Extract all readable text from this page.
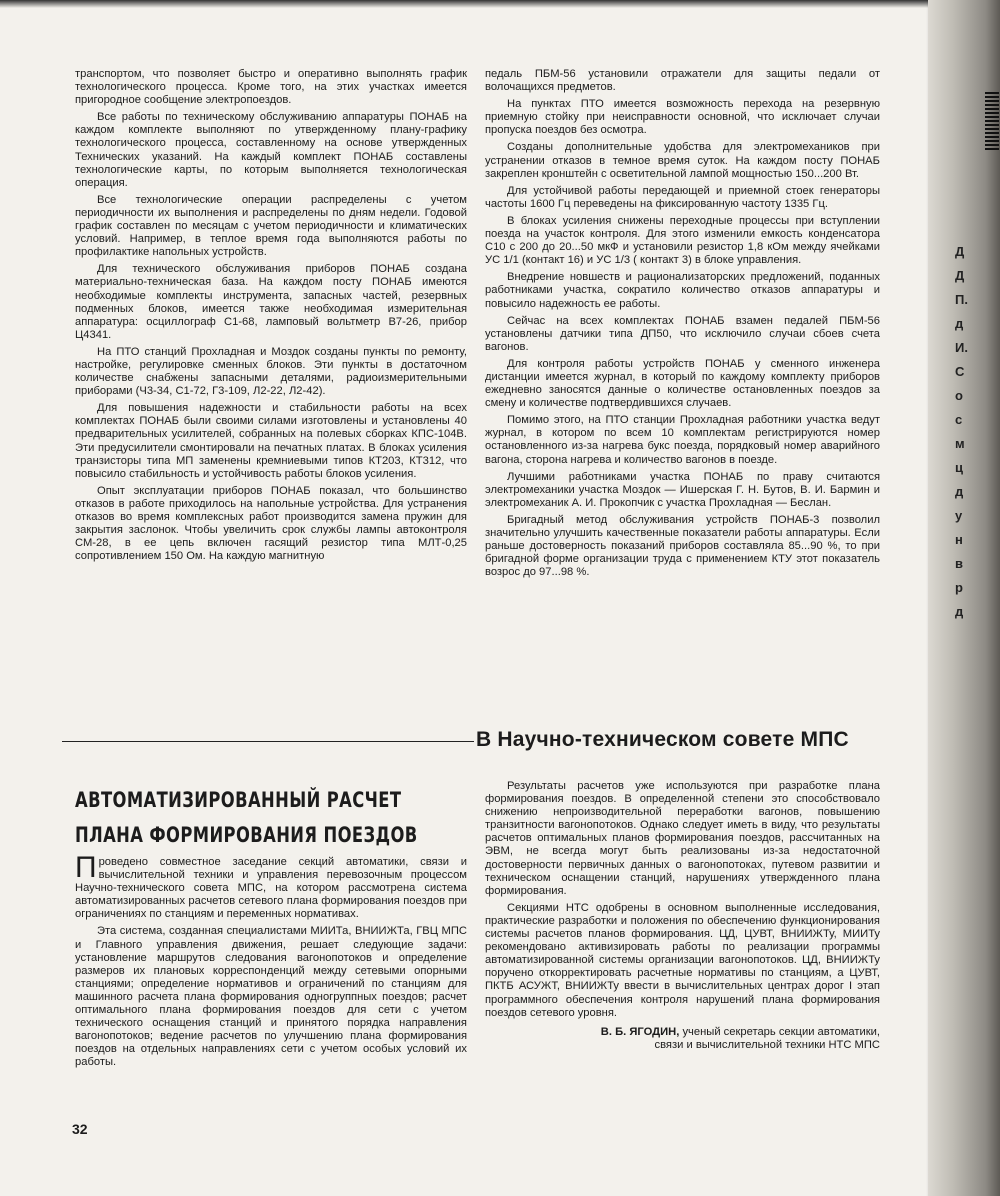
транспортом, что позволяет быстро и оперативно выполнять график технологического процесса. Кроме того, на этих участках имеется пригородное сообщение электропоездов.

Все работы по техническому обслуживанию аппаратуры ПОНАБ на каждом комплекте выполняют по утвержденному плану-графику технологического процесса, составленному на основе утвержденных Технических указаний. На каждый комплект ПОНАБ составлены технологические карты, по которым выполняется технологическая операция.

Все технологические операции распределены с учетом периодичности их выполнения и распределены по дням недели. Годовой график составлен по месяцам с учетом периодичности и климатических условий. Например, в теплое время года выполняются работы по профилактике напольных устройств.

Для технического обслуживания приборов ПОНАБ создана материально-техническая база. На каждом посту ПОНАБ имеются необходимые комплекты инструмента, запасных частей, резервных подменных блоков, имеется также необходимая измерительная аппаратура: осциллограф С1-68, ламповый вольтметр В7-26, прибор Ц4341.

На ПТО станций Прохладная и Моздок созданы пункты по ремонту, настройке, регулировке сменных блоков. Эти пункты в достаточном количестве снабжены запасными деталями, радиоизмерительными приборами (Ч3-34, С1-72, Г3-109, Л2-22, Л2-42).

Для повышения надежности и стабильности работы на всех комплектах ПОНАБ были своими силами изготовлены и установлены 40 предварительных усилителей, собранных на полевых сборках КПС-104В. Эти предусилители смонтировали на печатных платах. В блоках усиления транзисторы типа МП заменены кремниевыми типов КТ203, КТ312, что повысило стабильность и устойчивость работы блоков усиления.

Опыт эксплуатации приборов ПОНАБ показал, что большинство отказов в работе приходилось на напольные устройства. Для устранения отказов во время комплексных работ производится замена пружин для закрытия заслонок. Чтобы увеличить срок службы лампы автоконтроля СМ-28, в ее цепь включен гасящий резистор типа МЛТ-0,25 сопротивлением 150 Ом. На каждую магнитную

педаль ПБМ-56 установили отражатели для защиты педали от волочащихся предметов.

На пунктах ПТО имеется возможность перехода на резервную приемную стойку при неисправности основной, что исключает случаи пропуска поездов без осмотра.

Созданы дополнительные удобства для электромехаников при устранении отказов в темное время суток. На каждом посту ПОНАБ закреплен кронштейн с осветительной лампой мощностью 150...200 Вт.

Для устойчивой работы передающей и приемной стоек генераторы частоты 1600 Гц переведены на фиксированную частоту 1335 Гц.

В блоках усиления снижены переходные процессы при вступлении поезда на участок контроля. Для этого изменили емкость конденсатора С10 с 200 до 20...50 мкФ и установили резистор 1,8 кОм между ячейками УС 1/1 (контакт 16) и УС 1/3 ( контакт 3) в блоке управления.

Внедрение новшеств и рационализаторских предложений, поданных работниками участка, сократило количество отказов аппаратуры и повысило надежность ее работы.

Сейчас на всех комплектах ПОНАБ взамен педалей ПБМ-56 установлены датчики типа ДП50, что исключило случаи сбоев счета вагонов.

Для контроля работы устройств ПОНАБ у сменного инженера дистанции имеется журнал, в который по каждому комплекту приборов ежедневно заносятся данные о количестве остановленных поездов за смену и количестве подтвердившихся случаев.

Помимо этого, на ПТО станции Прохладная работники участка ведут журнал, в котором по всем 10 комплектам регистрируются номер остановленного из-за нагрева букс поезда, порядковый номер аварийного вагона, сторона нагрева и количество вагонов в поезде.

Лучшими работниками участка ПОНАБ по праву считаются электромеханики участка Моздок — Ишерская Г. Н. Бутов, В. И. Бармин и электромеханик А. И. Прокопчик с участка Прохладная — Беслан.

Бригадный метод обслуживания устройств ПОНАБ-3 позволил значительно улучшить качественные показатели работы аппаратуры. Если раньше достоверность показаний приборов составляла 85...90 %, то при бригадной форме организации труда с применением КТУ этот показатель возрос до 97...98 %.

В Научно-техническом совете МПС
АВТОМАТИЗИРОВАННЫЙ РАСЧЕТ
ПЛАНА ФОРМИРОВАНИЯ ПОЕЗДОВ

Проведено совместное заседание секций автоматики, связи и вычислительной техники и управления перевозочным процессом Научно-технического совета МПС, на котором рассмотрена система автоматизированных расчетов сетевого плана формирования поездов при ограничениях по станциям и переменных нормативах.

Эта система, созданная специалистами МИИТа, ВНИИЖТа, ГВЦ МПС и Главного управления движения, решает следующие задачи: установление маршрутов следования вагонопотоков и определение размеров их плановых корреспонденций между сетевыми опорными станциями; определение нормативов и ограничений по станциям для машинного расчета плана формирования одногруппных поездов; расчет оптимального плана формирования поездов для сети с учетом технического оснащения станций и принятого порядка направления вагонопотоков; ведение расчетов по улучшению плана формирования поездов на отдельных направлениях сети с учетом особых условий их работы.

Результаты расчетов уже используются при разработке плана формирования поездов. В определенной степени это способствовало снижению непроизводительной переработки вагонов, повышению транзитности вагонопотоков. Однако следует иметь в виду, что результаты расчетов оптимальных планов формирования поездов, рассчитанных на ЭВМ, не всегда могут быть реализованы из-за недостаточной достоверности первичных данных о вагонопотоках, путевом развитии и техническом оснащении станций, нарушениях утвержденного плана формирования.

Секциями НТС одобрены в основном выполненные исследования, практические разработки и положения по обеспечению функционирования системы расчетов планов формирования. ЦД, ЦУВТ, ВНИИЖТу, МИИТу рекомендовано активизировать работы по реализации программы автоматизированной системы организации вагонопотоков. ЦД, ВНИИЖТу поручено откорректировать расчетные нормативы по станциям, а ЦУВТ, ПКТБ АСУЖТ, ВНИИЖТу ввести в вычислительных центрах дорог I этап программного обеспечения контроля нарушений плана формирования поездов сетевого уровня.

В. Б. ЯГОДИН, ученый секретарь секции автоматики,
связи и вычислительной техники НТС МПС
32
Д
Д
П.
д
И.
С
о
с
м
ц
д
у
н
в
р
д
